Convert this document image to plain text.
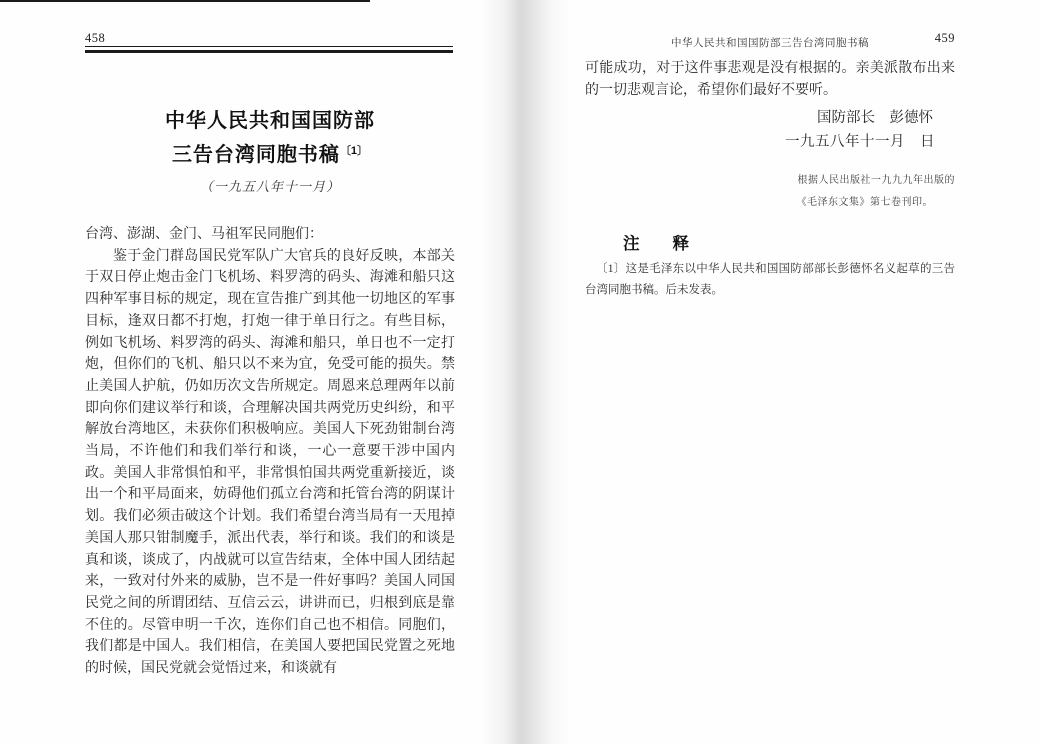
458
中华人民共和国国防部
三告台湾同胞书稿$^{〔1〕}$
（一九五八年十一月）

台湾、澎湖、金门、马祖军民同胞们：

鉴于金门群岛国民党军队广大官兵的良好反映，本部关于双日停止炮击金门飞机场、料罗湾的码头、海滩和船只这四种军事目标的规定，现在宣告推广到其他一切地区的军事目标，逢双日都不打炮，打炮一律于单日行之。有些目标，例如飞机场、料罗湾的码头、海滩和船只，单日也不一定打炮，但你们的飞机、船只以不来为宜，免受可能的损失。禁止美国人护航，仍如历次文告所规定。周恩来总理两年以前即向你们建议举行和谈，合理解决国共两党历史纠纷，和平解放台湾地区，未获你们积极响应。美国人下死劲钳制台湾当局，不许他们和我们举行和谈，一心一意要干涉中国内政。美国人非常惧怕和平，非常惧怕国共两党重新接近，谈出一个和平局面来，妨碍他们孤立台湾和托管台湾的阴谋计划。我们必须击破这个计划。我们希望台湾当局有一天甩掉美国人那只钳制魔手，派出代表，举行和谈。我们的和谈是真和谈，谈成了，内战就可以宣告结束，全体中国人团结起来，一致对付外来的威胁，岂不是一件好事吗？美国人同国民党之间的所谓团结、互信云云，讲讲而已，归根到底是靠不住的。尽管申明一千次，连你们自己也不相信。同胞们，我们都是中国人。我们相信，在美国人要把国民党置之死地的时候，国民党就会觉悟过来，和谈就有

中华人民共和国国防部三告台湾同胞书稿	459

可能成功，对于这件事悲观是没有根据的。亲美派散布出来的一切悲观言论，希望你们最好不要听。

国防部长　彭德怀
一九五八年十一月　日
根据人民出版社一九九九年出版的
《毛泽东文集》第七卷刊印。
注　　释
〔1〕这是毛泽东以中华人民共和国国防部部长彭德怀名义起草的三告台湾同胞书稿。后未发表。
